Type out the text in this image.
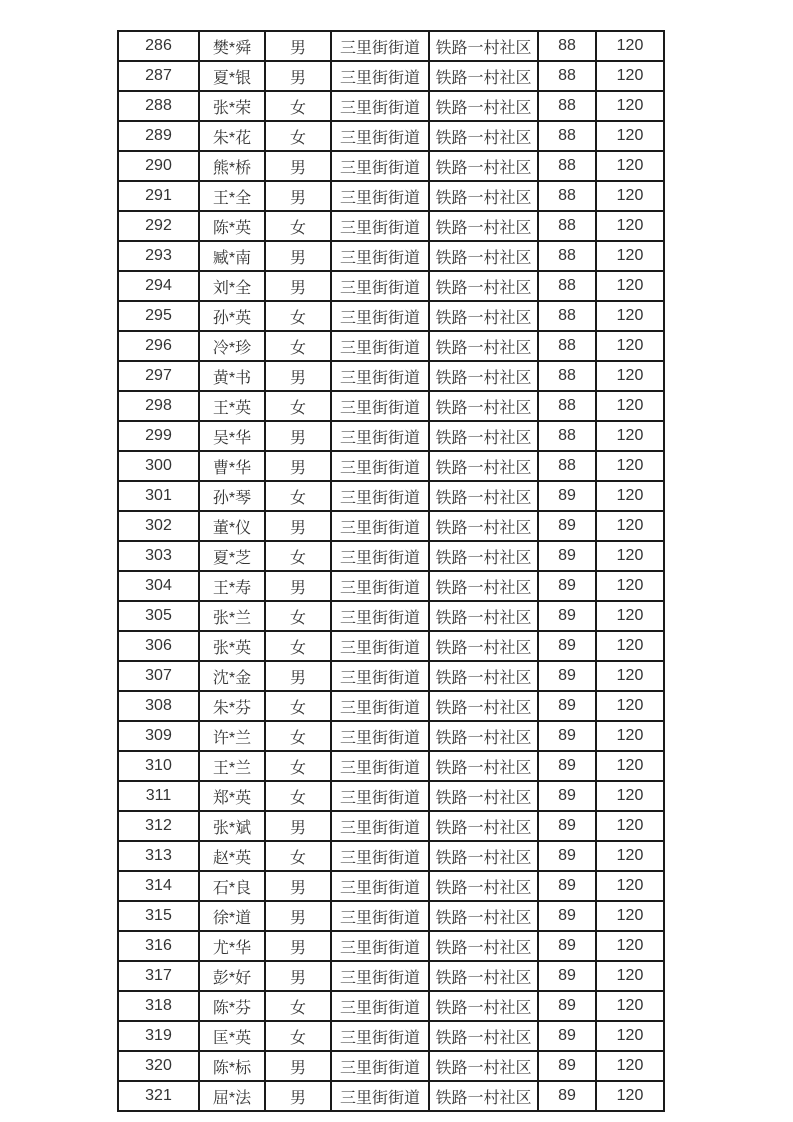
286	樊*舜	男	三里街街道	铁路一村社区	88	120
287	夏*银	男	三里街街道	铁路一村社区	88	120
288	张*荣	女	三里街街道	铁路一村社区	88	120
289	朱*花	女	三里街街道	铁路一村社区	88	120
290	熊*桥	男	三里街街道	铁路一村社区	88	120
291	王*全	男	三里街街道	铁路一村社区	88	120
292	陈*英	女	三里街街道	铁路一村社区	88	120
293	臧*南	男	三里街街道	铁路一村社区	88	120
294	刘*全	男	三里街街道	铁路一村社区	88	120
295	孙*英	女	三里街街道	铁路一村社区	88	120
296	冷*珍	女	三里街街道	铁路一村社区	88	120
297	黄*书	男	三里街街道	铁路一村社区	88	120
298	王*英	女	三里街街道	铁路一村社区	88	120
299	吴*华	男	三里街街道	铁路一村社区	88	120
300	曹*华	男	三里街街道	铁路一村社区	88	120
301	孙*琴	女	三里街街道	铁路一村社区	89	120
302	董*仪	男	三里街街道	铁路一村社区	89	120
303	夏*芝	女	三里街街道	铁路一村社区	89	120
304	王*寿	男	三里街街道	铁路一村社区	89	120
305	张*兰	女	三里街街道	铁路一村社区	89	120
306	张*英	女	三里街街道	铁路一村社区	89	120
307	沈*金	男	三里街街道	铁路一村社区	89	120
308	朱*芬	女	三里街街道	铁路一村社区	89	120
309	许*兰	女	三里街街道	铁路一村社区	89	120
310	王*兰	女	三里街街道	铁路一村社区	89	120
311	郑*英	女	三里街街道	铁路一村社区	89	120
312	张*斌	男	三里街街道	铁路一村社区	89	120
313	赵*英	女	三里街街道	铁路一村社区	89	120
314	石*良	男	三里街街道	铁路一村社区	89	120
315	徐*道	男	三里街街道	铁路一村社区	89	120
316	尤*华	男	三里街街道	铁路一村社区	89	120
317	彭*好	男	三里街街道	铁路一村社区	89	120
318	陈*芬	女	三里街街道	铁路一村社区	89	120
319	匡*英	女	三里街街道	铁路一村社区	89	120
320	陈*标	男	三里街街道	铁路一村社区	89	120
321	屈*法	男	三里街街道	铁路一村社区	89	120
